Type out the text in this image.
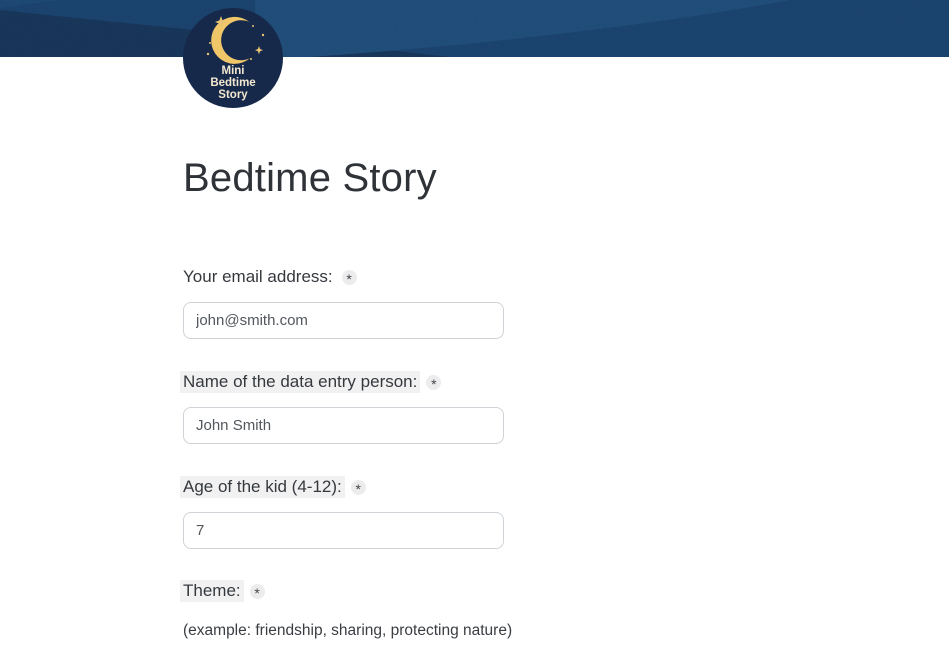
Mini
Bedtime
Story
Bedtime Story
Your email address: *
john@smith.com
Name of the data entry person: *
John Smith
Age of the kid (4-12): *
7
Theme: *
(example: friendship, sharing, protecting nature)
